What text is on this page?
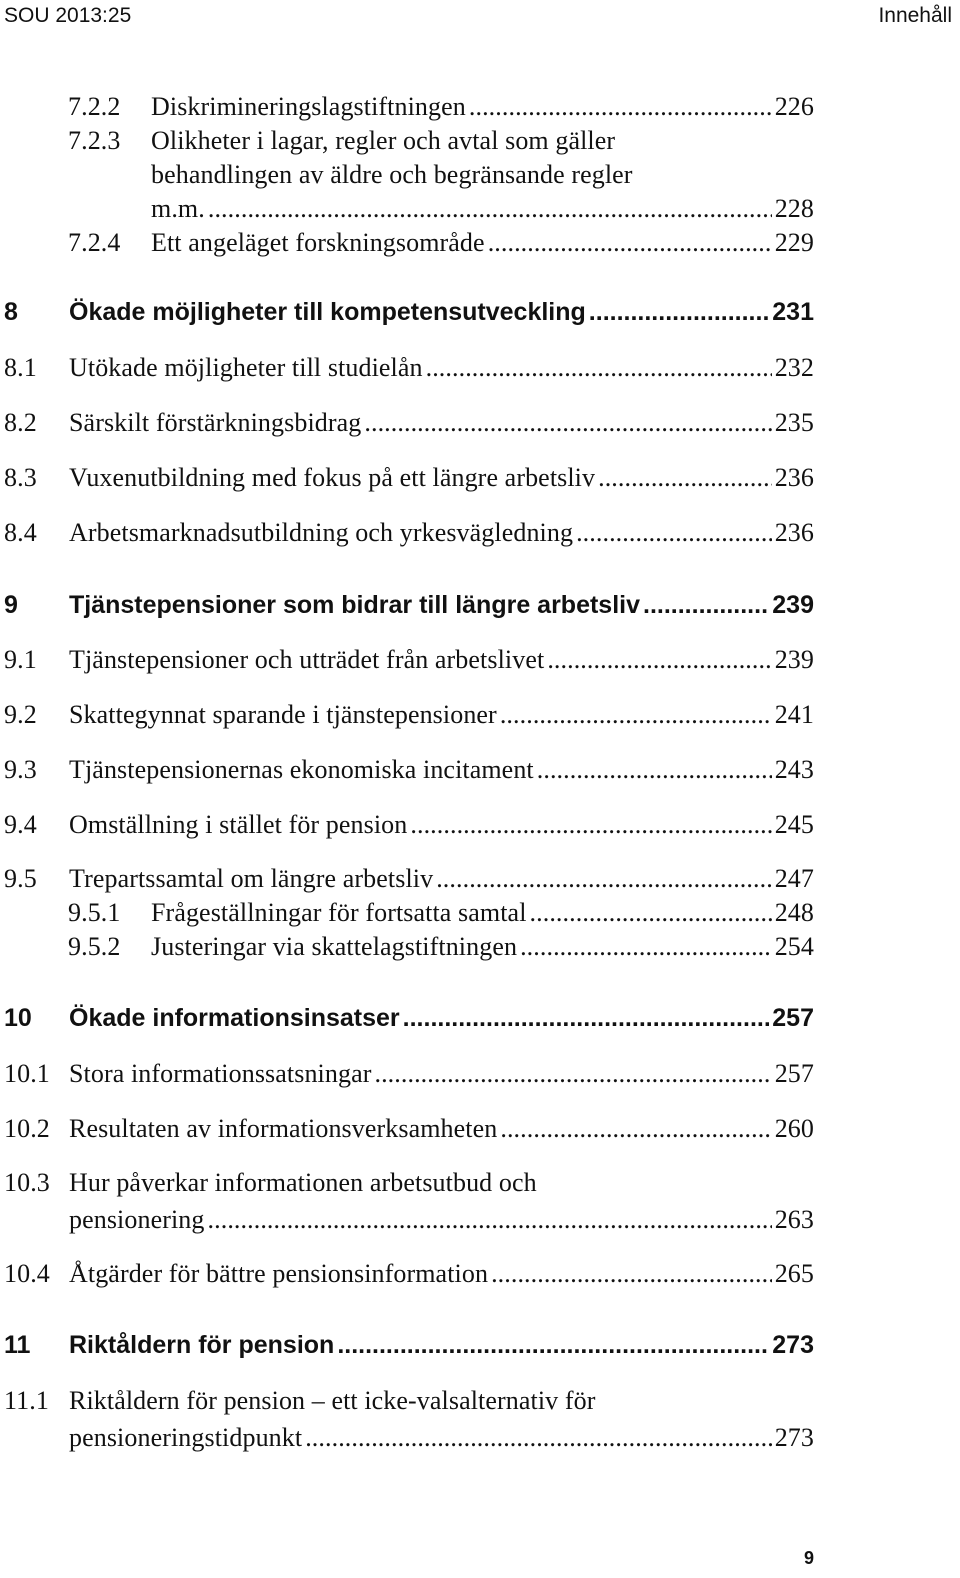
SOU 2013:25	Innehåll
7.2.2 Diskrimineringslagstiftningen .....	226
7.2.3 Olikheter i lagar, regler och avtal som gäller
behandlingen av äldre och begränsande regler
m.m. .....	228
7.2.4 Ett angeläget forskningsområde .....	229
8 Ökade möjligheter till kompetensutveckling .....	231
8.1 Utökade möjligheter till studielån .....	232
8.2 Särskilt förstärkningsbidrag .....	235
8.3 Vuxenutbildning med fokus på ett längre arbetsliv .....	236
8.4 Arbetsmarknadsutbildning och yrkesvägledning .....	236
9 Tjänstepensioner som bidrar till längre arbetsliv .....	239
9.1 Tjänstepensioner och utträdet från arbetslivet .....	239
9.2 Skattegynnat sparande i tjänstepensioner .....	241
9.3 Tjänstepensionernas ekonomiska incitament .....	243
9.4 Omställning i stället för pension .....	245
9.5 Trepartssamtal om längre arbetsliv .....	247
9.5.1 Frågeställningar för fortsatta samtal .....	248
9.5.2 Justeringar via skattelagstiftningen .....	254
10 Ökade informationsinsatser .....	257
10.1 Stora informationssatsningar .....	257
10.2 Resultaten av informationsverksamheten .....	260
10.3 Hur påverkar informationen arbetsutbud och
pensionering .....	263
10.4 Åtgärder för bättre pensionsinformation .....	265
11 Riktåldern för pension .....	273
11.1 Riktåldern för pension – ett icke-valsalternativ för
pensioneringstidpunkt .....	273
9
